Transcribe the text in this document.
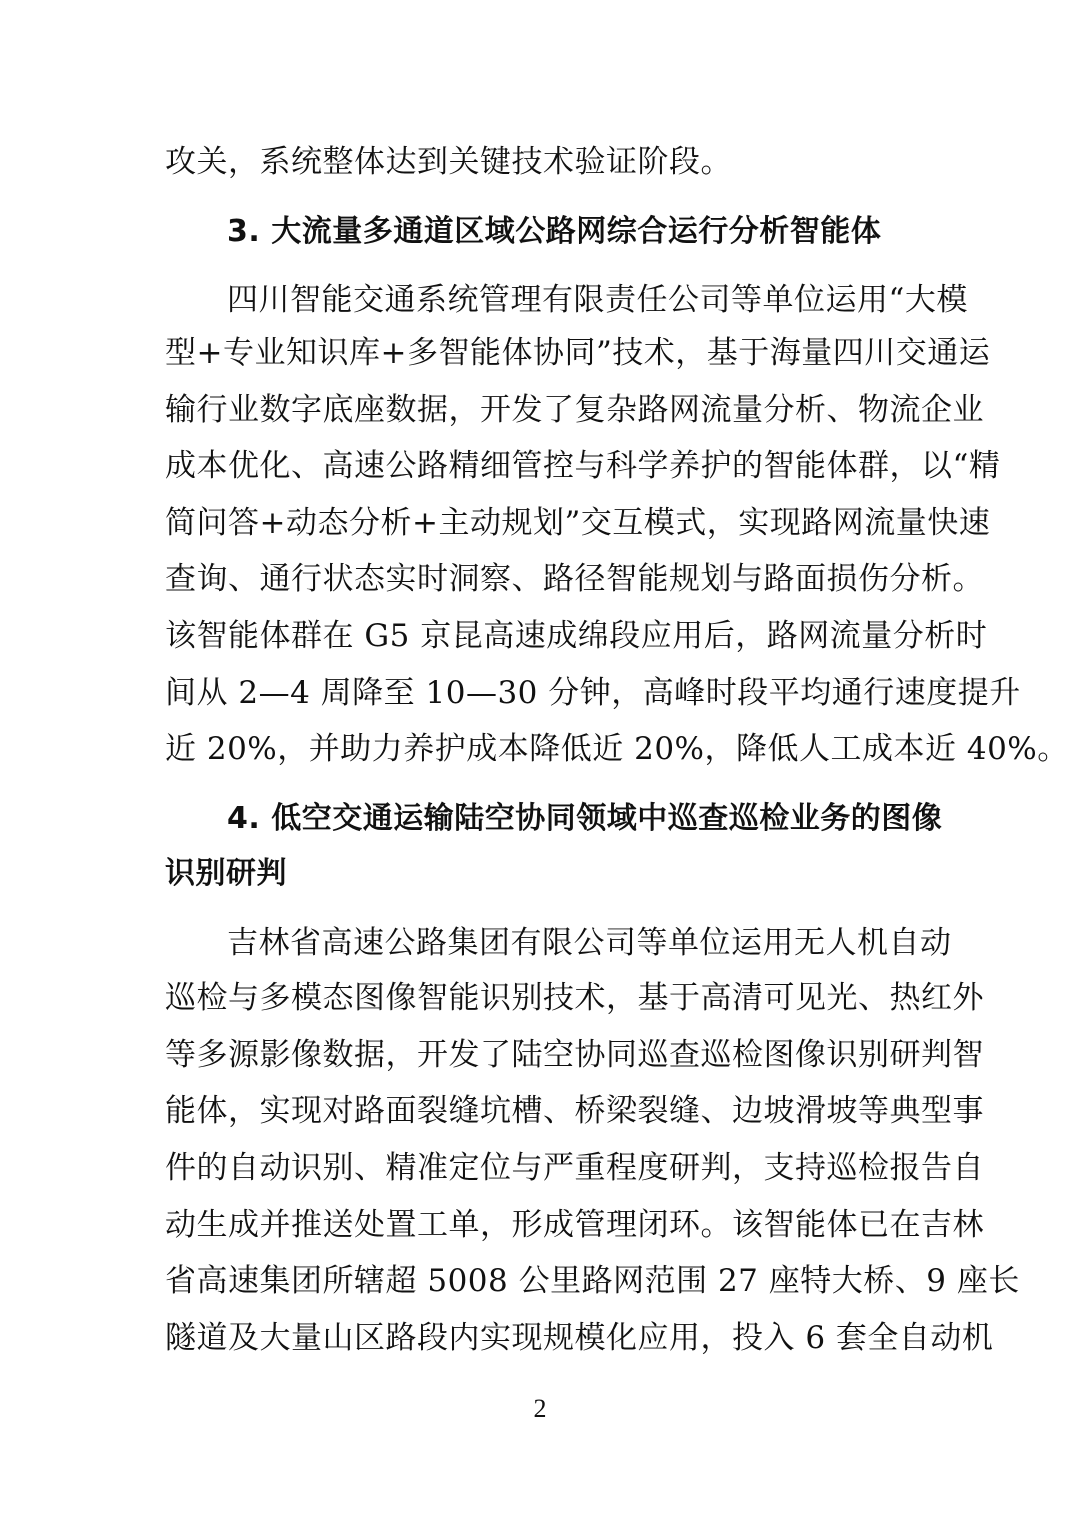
攻关，系统整体达到关键技术验证阶段。
3. 大流量多通道区域公路网综合运行分析智能体
四川智能交通系统管理有限责任公司等单位运用“大模
型+专业知识库+多智能体协同”技术，基于海量四川交通运
输行业数字底座数据，开发了复杂路网流量分析、物流企业
成本优化、高速公路精细管控与科学养护的智能体群，以“精
简问答+动态分析+主动规划”交互模式，实现路网流量快速
查询、通行状态实时洞察、路径智能规划与路面损伤分析。
该智能体群在 G5 京昆高速成绵段应用后，路网流量分析时
间从 2—4 周降至 10—30 分钟，高峰时段平均通行速度提升
近 20%，并助力养护成本降低近 20%，降低人工成本近 40%。
4. 低空交通运输陆空协同领域中巡查巡检业务的图像
识别研判
吉林省高速公路集团有限公司等单位运用无人机自动
巡检与多模态图像智能识别技术，基于高清可见光、热红外
等多源影像数据，开发了陆空协同巡查巡检图像识别研判智
能体，实现对路面裂缝坑槽、桥梁裂缝、边坡滑坡等典型事
件的自动识别、精准定位与严重程度研判，支持巡检报告自
动生成并推送处置工单，形成管理闭环。该智能体已在吉林
省高速集团所辖超 5008 公里路网范围 27 座特大桥、9 座长
隧道及大量山区路段内实现规模化应用，投入 6 套全自动机
2
